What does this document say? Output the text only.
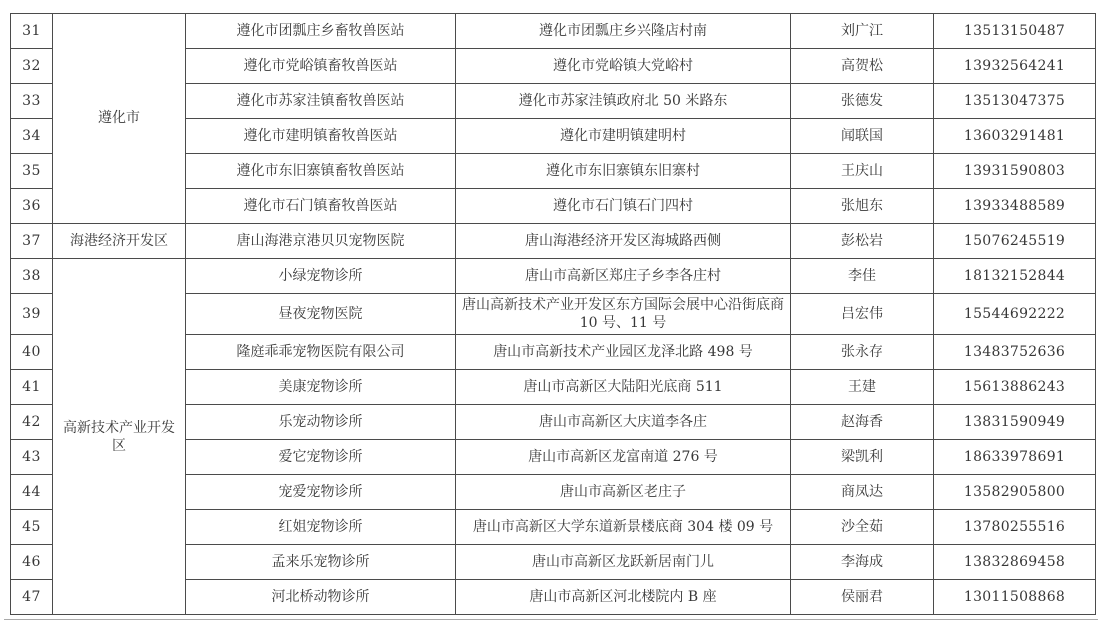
31	遵化市	遵化市团瓢庄乡畜牧兽医站	遵化市团瓢庄乡兴隆店村南	刘广江	13513150487
32		遵化市党峪镇畜牧兽医站	遵化市党峪镇大党峪村	高贺松	13932564241
33		遵化市苏家洼镇畜牧兽医站	遵化市苏家洼镇政府北 50 米路东	张德发	13513047375
34		遵化市建明镇畜牧兽医站	遵化市建明镇建明村	闻联国	13603291481
35		遵化市东旧寨镇畜牧兽医站	遵化市东旧寨镇东旧寨村	王庆山	13931590803
36		遵化市石门镇畜牧兽医站	遵化市石门镇石门四村	张旭东	13933488589
37	海港经济开发区	唐山海港京港贝贝宠物医院	唐山海港经济开发区海城路西侧	彭松岩	15076245519
38	高新技术产业开发区	小绿宠物诊所	唐山市高新区郑庄子乡李各庄村	李佳	18132152844
39		昼夜宠物医院	唐山高新技术产业开发区东方国际会展中心沿街底商 10 号、11 号	吕宏伟	15544692222
40		隆庭乖乖宠物医院有限公司	唐山市高新技术产业园区龙泽北路 498 号	张永存	13483752636
41		美康宠物诊所	唐山市高新区大陆阳光底商 511	王建	15613886243
42		乐宠动物诊所	唐山市高新区大庆道李各庄	赵海香	13831590949
43		爱它宠物诊所	唐山市高新区龙富南道 276 号	梁凯利	18633978691
44		宠爱宠物诊所	唐山市高新区老庄子	商凤达	13582905800
45		红姐宠物诊所	唐山市高新区大学东道新景楼底商 304 楼 09 号	沙全茹	13780255516
46		孟来乐宠物诊所	唐山市高新区龙跃新居南门儿	李海成	13832869458
47		河北桥动物诊所	唐山市高新区河北楼院内 B 座	侯丽君	13011508868
